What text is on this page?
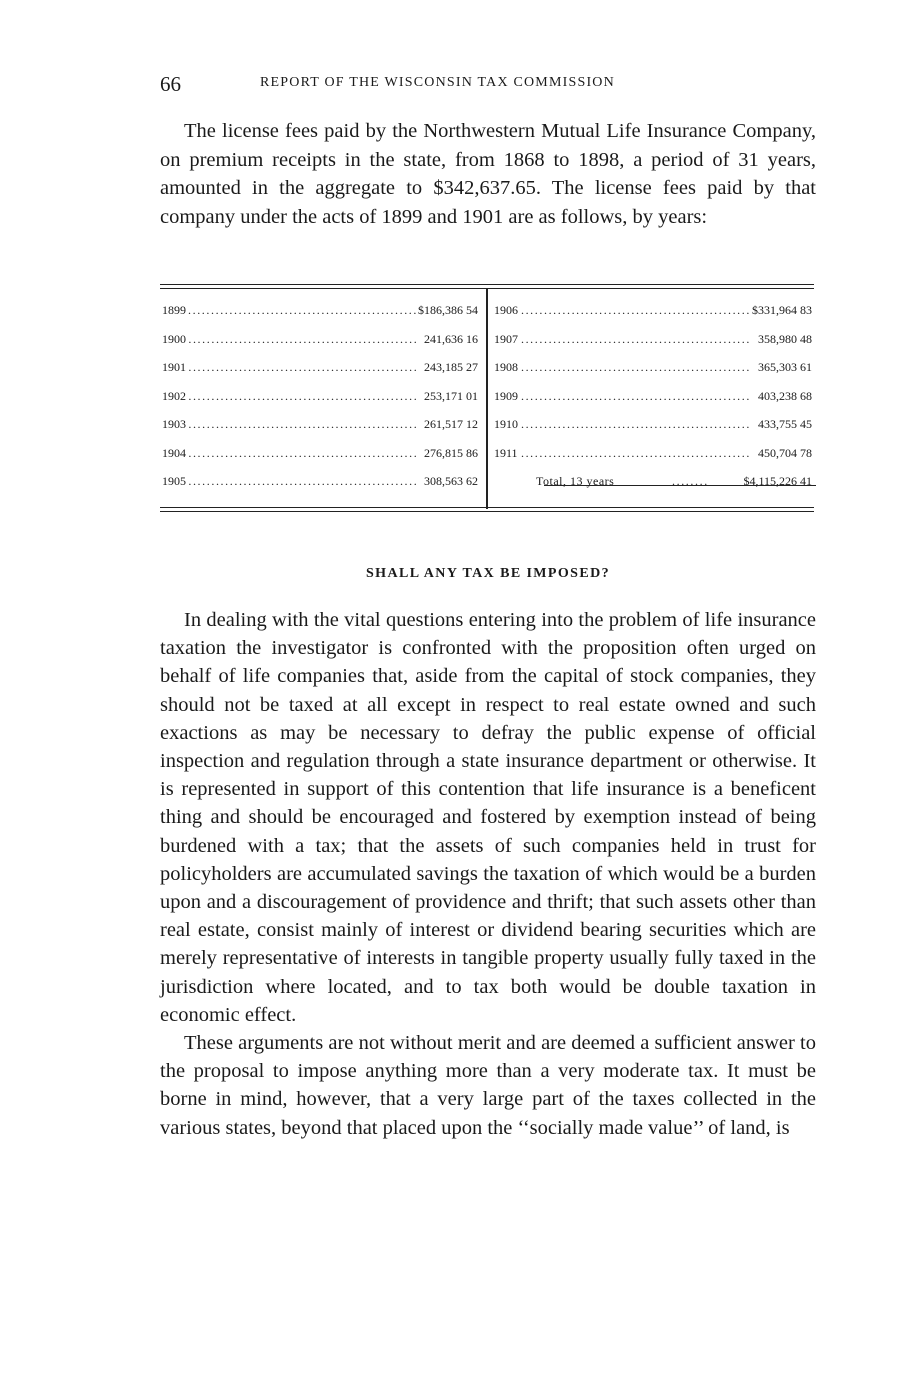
66	REPORT OF THE WISCONSIN TAX COMMISSION

The license fees paid by the Northwestern Mutual Life Insurance Company, on premium receipts in the state, from 1868 to 1898, a period of 31 years, amounted in the aggregate to $342,637.65. The license fees paid by that company under the acts of 1899 and 1901 are as follows, by years:

1899 .................................................. $186,386 54
1900 .................................................. 241,636 16
1901 .................................................. 243,185 27
1902 .................................................. 253,171 01
1903 .................................................. 261,517 12
1904 .................................................. 276,815 86
1905 .................................................. 308,563 62
1906 .................................................. $331,964 83
1907 .................................................. 358,980 48
1908 .................................................. 365,303 61
1909 .................................................. 403,238 68
1910 .................................................. 433,755 45
1911 .................................................. 450,704 78
Total, 13 years	........	$4,115,226 41
SHALL ANY TAX BE IMPOSED?

In dealing with the vital questions entering into the problem of life insurance taxation the investigator is confronted with the proposition often urged on behalf of life companies that, aside from the capital of stock companies, they should not be taxed at all except in respect to real estate owned and such exactions as may be necessary to defray the public expense of official inspection and regulation through a state insurance department or otherwise. It is represented in support of this contention that life insurance is a beneficent thing and should be encouraged and fostered by exemption instead of being burdened with a tax; that the assets of such companies held in trust for policyholders are accumulated savings the taxation of which would be a burden upon and a discouragement of providence and thrift; that such assets other than real estate, consist mainly of interest or dividend bearing securities which are merely representative of interests in tangible property usually fully taxed in the jurisdiction where located, and to tax both would be double taxation in economic effect.

These arguments are not without merit and are deemed a sufficient answer to the proposal to impose anything more than a very moderate tax. It must be borne in mind, however, that a very large part of the taxes collected in the various states, beyond that placed upon the ‘‘socially made value’’ of land, is
